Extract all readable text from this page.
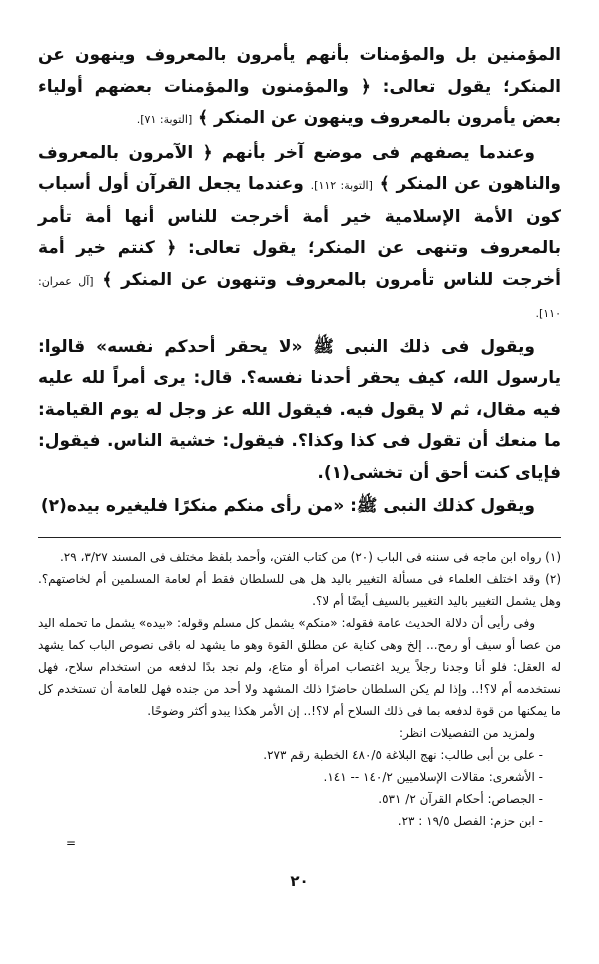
المؤمنين بل والمؤمنات بأنهم يأمرون بالمعروف وينهون عن المنكر؛ يقول تعالى: ﴿ والمؤمنون والمؤمنات بعضهم أولياء بعض يأمرون بالمعروف وينهون عن المنكر ﴾ [التوبة: ٧١].

وعندما يصفهم فى موضع آخر بأنهم ﴿ الآمرون بالمعروف والناهون عن المنكر ﴾ [التوبة: ١١٢]. وعندما يجعل القرآن أول أسباب كون الأمة الإسلامية خير أمة أخرجت للناس أنها أمة تأمر بالمعروف وتنهى عن المنكر؛ يقول تعالى: ﴿ كنتم خير أمة أخرجت للناس تأمرون بالمعروف وتنهون عن المنكر ﴾ [آل عمران: ١١٠].

ويقول فى ذلك النبى ﷺ «لا يحقر أحدكم نفسه» قالوا: يارسول الله، كيف يحقر أحدنا نفسه؟. قال: يرى أمراً لله عليه فيه مقال، ثم لا يقول فيه. فيقول الله عز وجل له يوم القيامة: ما منعك أن تقول فى كذا وكذا؟. فيقول: خشية الناس. فيقول: فإياى كنت أحق أن تخشى(١).

ويقول كذلك النبى ﷺ: «من رأى منكم منكرًا فليغيره بيده(٢)

(١) رواه ابن ماجه فى سننه فى الباب (٢٠) من كتاب الفتن، وأحمد بلفظ مختلف فى المسند ٣/٢٧، ٢٩.

(٢) وقد اختلف العلماء فى مسألة التغيير باليد هل هى للسلطان فقط أم لعامة المسلمين أم لخاصتهم؟. وهل يشمل التغيير باليد التغيير بالسيف أيضًا أم لا؟.

وفى رأيى أن دلالة الحديث عامة فقوله: «منكم» يشمل كل مسلم وقوله: «بيده» يشمل ما تحمله اليد من عصا أو سيف أو رمح... إلخ وهى كناية عن مطلق القوة وهو ما يشهد له باقى نصوص الباب كما يشهد له العقل: فلو أنا وجدنا رجلاً يريد اغتصاب امرأة أو متاع، ولم نجد بدًا لدفعه من استخدام سلاح، فهل نستخدمه أم لا؟!.. وإذا لم يكن السلطان حاضرًا ذلك المشهد ولا أحد من جنده فهل للعامة أن تستخدم كل ما يمكنها من قوة لدفعه بما فى ذلك السلاح أم لا؟!.. إن الأمر هكذا يبدو أكثر وضوحًا.

ولمزيد من التفصيلات انظر:

- على بن أبى طالب: نهج البلاغة ٤٨٠/٥ الخطبة رقم ٢٧٣.
- الأشعرى: مقالات الإسلاميين ١٤٠/٢ -- ١٤١.
- الجصاص: أحكام القرآن ٢/ ٥٣١.
- ابن حزم: الفصل ١٩/٥ : ٢٣.
=
٢٠
